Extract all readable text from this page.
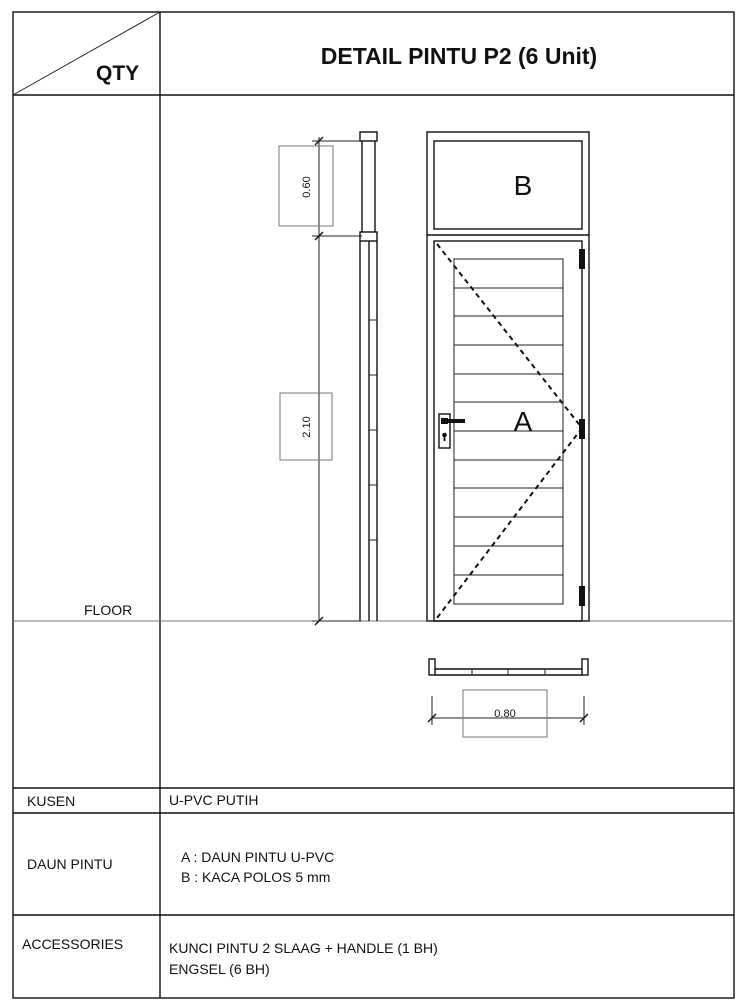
QTY
DETAIL PINTU P2 (6 Unit)
0.60
2.10
B
A
FLOOR
0.80
KUSEN	U-PVC PUTIH
DAUN PINTU	A : DAUN PINTU U-PVC
B : KACA POLOS 5 mm
ACCESSORIES	KUNCI PINTU 2 SLAAG + HANDLE (1 BH)
ENGSEL (6 BH)
